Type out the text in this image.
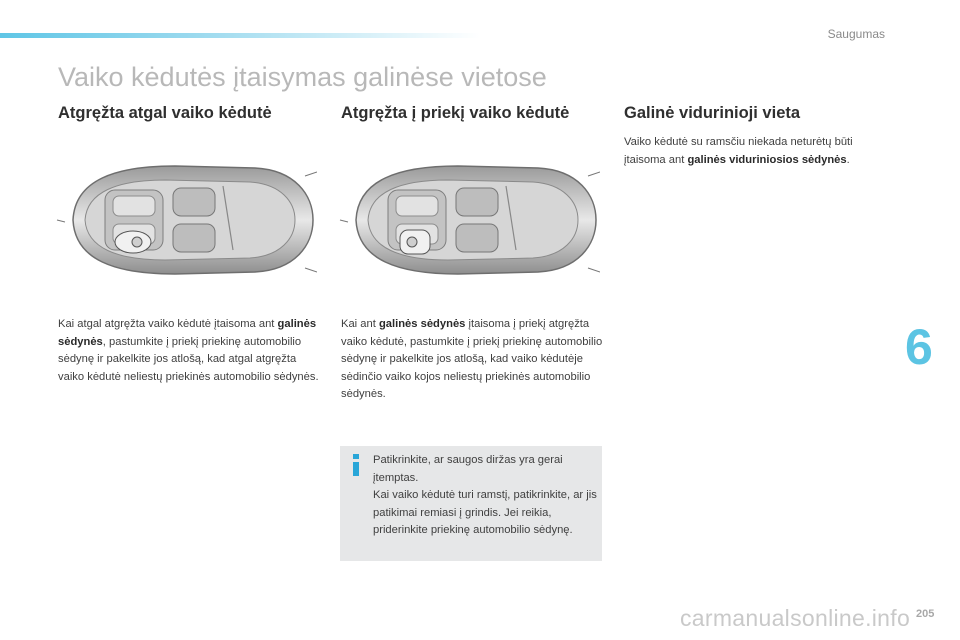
Saugumas
Vaiko kėdutės įtaisymas galinėse vietose
Atgręžta atgal vaiko kėdutė	Atgręžta į priekį vaiko kėdutė	Galinė vidurinioji vieta

Kai atgal atgręžta vaiko kėdutė įtaisoma ant galinės sėdynės, pastumkite į priekį priekinę automobilio sėdynę ir pakelkite jos atlošą, kad atgal atgręžta vaiko kėdutė neliestų priekinės automobilio sėdynės.

Kai ant galinės sėdynės įtaisoma į priekį atgręžta vaiko kėdutė, pastumkite į priekį priekinę automobilio sėdynę ir pakelkite jos atlošą, kad vaiko kėdutėje sėdinčio vaiko kojos neliestų priekinės automobilio sėdynės.

Vaiko kėdutė su ramsčiu niekada neturėtų būti įtaisoma ant galinės viduriniosios sėdynės.

Patikrinkite, ar saugos diržas yra gerai įtemptas.
Kai vaiko kėdutė turi ramstį, patikrinkite, ar jis patikimai remiasi į grindis. Jei reikia, priderinkite priekinę automobilio sėdynę.

6
carmanualsonline.info 205
